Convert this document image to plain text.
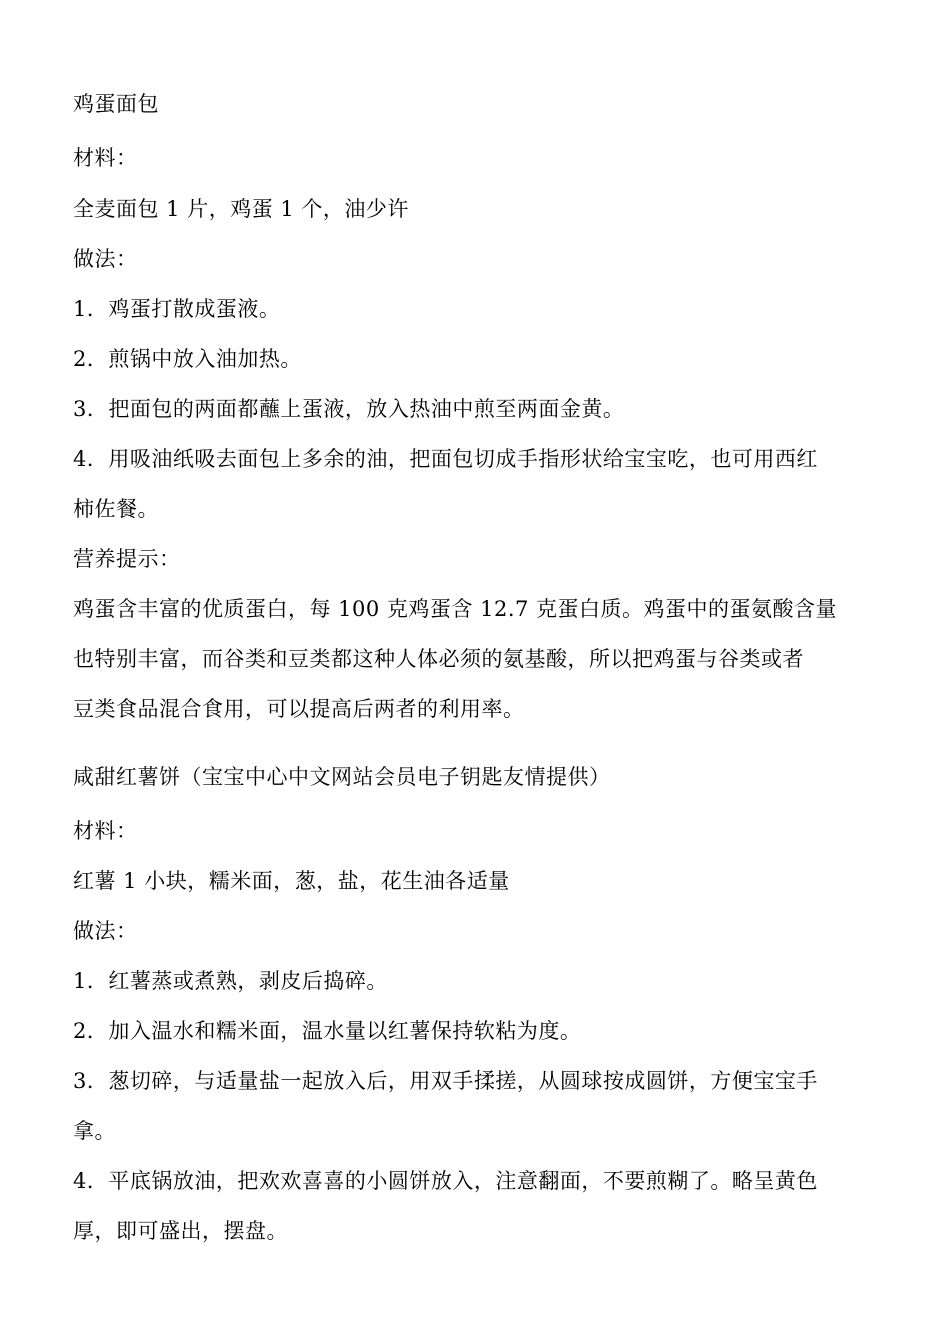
鸡蛋面包
材料：
全麦面包 1 片，鸡蛋 1 个，油少许
做法：
1．鸡蛋打散成蛋液。
2．煎锅中放入油加热。
3．把面包的两面都蘸上蛋液，放入热油中煎至两面金黄。
4．用吸油纸吸去面包上多余的油，把面包切成手指形状给宝宝吃，也可用西红
柿佐餐。
营养提示：
鸡蛋含丰富的优质蛋白，每 100 克鸡蛋含 12.7 克蛋白质。鸡蛋中的蛋氨酸含量
也特别丰富，而谷类和豆类都这种人体必须的氨基酸，所以把鸡蛋与谷类或者
豆类食品混合食用，可以提高后两者的利用率。
咸甜红薯饼（宝宝中心中文网站会员电子钥匙友情提供）
材料：
红薯 1 小块，糯米面，葱，盐，花生油各适量
做法：
1．红薯蒸或煮熟，剥皮后捣碎。
2．加入温水和糯米面，温水量以红薯保持软粘为度。
3．葱切碎，与适量盐一起放入后，用双手揉搓，从圆球按成圆饼，方便宝宝手
拿。
4．平底锅放油，把欢欢喜喜的小圆饼放入，注意翻面，不要煎糊了。略呈黄色
厚，即可盛出，摆盘。
